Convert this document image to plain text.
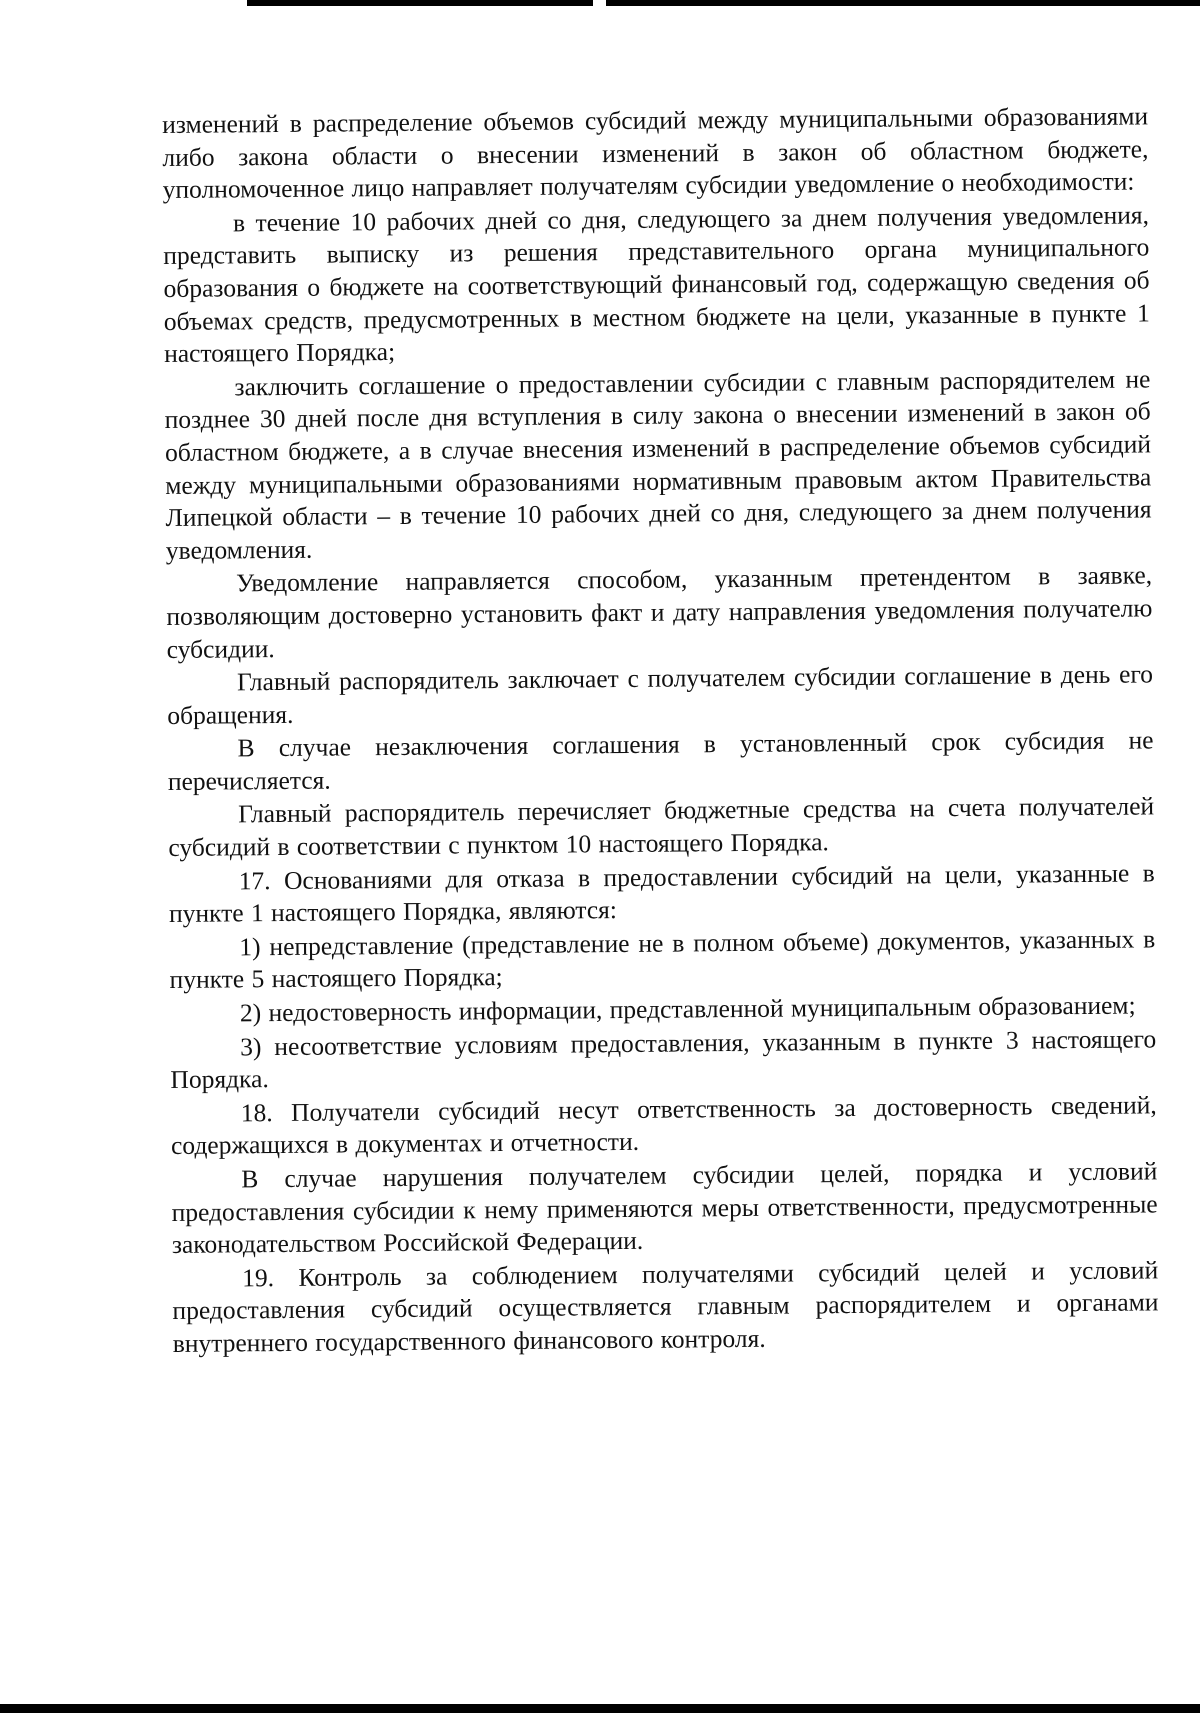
изменений в распределение объемов субсидий между муниципальными образованиями либо закона области о внесении изменений в закон об областном бюджете, уполномоченное лицо направляет получателям субсидии уведомление о необходимости:

в течение 10 рабочих дней со дня, следующего за днем получения уведомления, представить выписку из решения представительного органа муниципального образования о бюджете на соответствующий финансовый год, содержащую сведения об объемах средств, предусмотренных в местном бюджете на цели, указанные в пункте 1 настоящего Порядка;

заключить соглашение о предоставлении субсидии с главным распорядителем не позднее 30 дней после дня вступления в силу закона о внесении изменений в закон об областном бюджете, а в случае внесения изменений в распределение объемов субсидий между муниципальными образованиями нормативным правовым актом Правительства Липецкой области – в течение 10 рабочих дней со дня, следующего за днем получения уведомления.

Уведомление направляется способом, указанным претендентом в заявке, позволяющим достоверно установить факт и дату направления уведомления получателю субсидии.

Главный распорядитель заключает с получателем субсидии соглашение в день его обращения.

В случае незаключения соглашения в установленный срок субсидия не перечисляется.

Главный распорядитель перечисляет бюджетные средства на счета получателей субсидий в соответствии с пунктом 10 настоящего Порядка.

17. Основаниями для отказа в предоставлении субсидий на цели, указанные в пункте 1 настоящего Порядка, являются:

1) непредставление (представление не в полном объеме) документов, указанных в пункте 5 настоящего Порядка;

2) недостоверность информации, представленной муниципальным образованием;

3) несоответствие условиям предоставления, указанным в пункте 3 настоящего Порядка.

18. Получатели субсидий несут ответственность за достоверность сведений, содержащихся в документах и отчетности.

В случае нарушения получателем субсидии целей, порядка и условий предоставления субсидии к нему применяются меры ответственности, предусмотренные законодательством Российской Федерации.

19. Контроль за соблюдением получателями субсидий целей и условий предоставления субсидий осуществляется главным распорядителем и органами внутреннего государственного финансового контроля.
